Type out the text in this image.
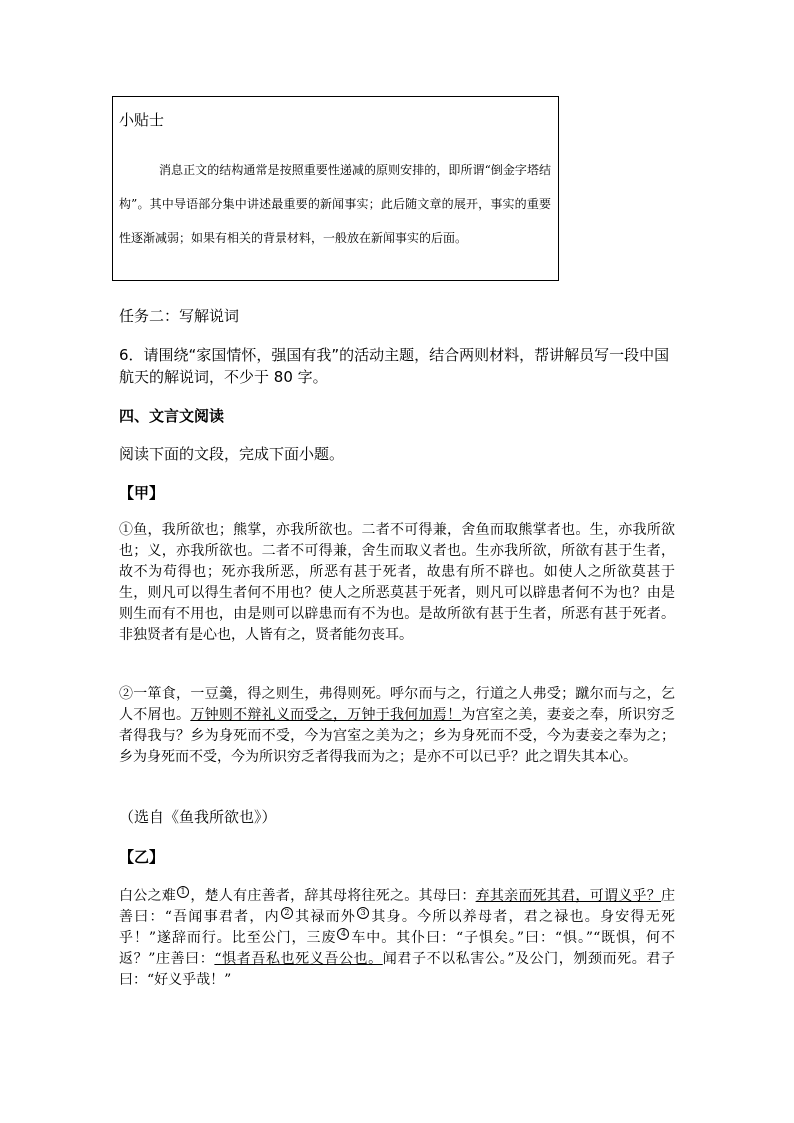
小贴士
消息正文的结构通常是按照重要性递减的原则安排的，即所谓“倒金字塔结构”。其中导语部分集中讲述最重要的新闻事实；此后随文章的展开，事实的重要性逐渐减弱；如果有相关的背景材料，一般放在新闻事实的后面。
任务二：写解说词
6．请围绕“家国情怀，强国有我”的活动主题，结合两则材料，帮讲解员写一段中国航天的解说词，不少于 80 字。
四、文言文阅读
阅读下面的文段，完成下面小题。
【甲】
①鱼，我所欲也；熊掌，亦我所欲也。二者不可得兼，舍鱼而取熊掌者也。生，亦我所欲也；义，亦我所欲也。二者不可得兼，舍生而取义者也。生亦我所欲，所欲有甚于生者，故不为苟得也；死亦我所恶，所恶有甚于死者，故患有所不辟也。如使人之所欲莫甚于生，则凡可以得生者何不用也？使人之所恶莫甚于死者，则凡可以辟患者何不为也？由是则生而有不用也，由是则可以辟患而有不为也。是故所欲有甚于生者，所恶有甚于死者。非独贤者有是心也，人皆有之，贤者能勿丧耳。
②一箪食，一豆羹，得之则生，弗得则死。呼尔而与之，行道之人弗受；蹴尔而与之，乞人不屑也。万钟则不辩礼义而受之，万钟于我何加焉！为宫室之美，妻妾之奉，所识穷乏者得我与？乡为身死而不受，今为宫室之美为之；乡为身死而不受，今为妻妾之奉为之；乡为身死而不受，今为所识穷乏者得我而为之；是亦不可以已乎？此之谓失其本心。
（选自《鱼我所欲也》）
【乙】
白公之难 1 ，楚人有庄善者，辞其母将往死之。其母曰：弃其亲而死其君，可谓义乎？庄善曰：“吾闻事君者，内 2 其禄而外 3 其身。今所以养母者，君之禄也。身安得无死乎！”遂辞而行。比至公门，三废 4 车中。其仆曰：“子惧矣。”曰：“惧。”“既惧，何不返？”庄善曰：“惧者吾私也死义吾公也。闻君子不以私害公。”及公门，刎颈而死。君子曰：“好义乎哉！”
